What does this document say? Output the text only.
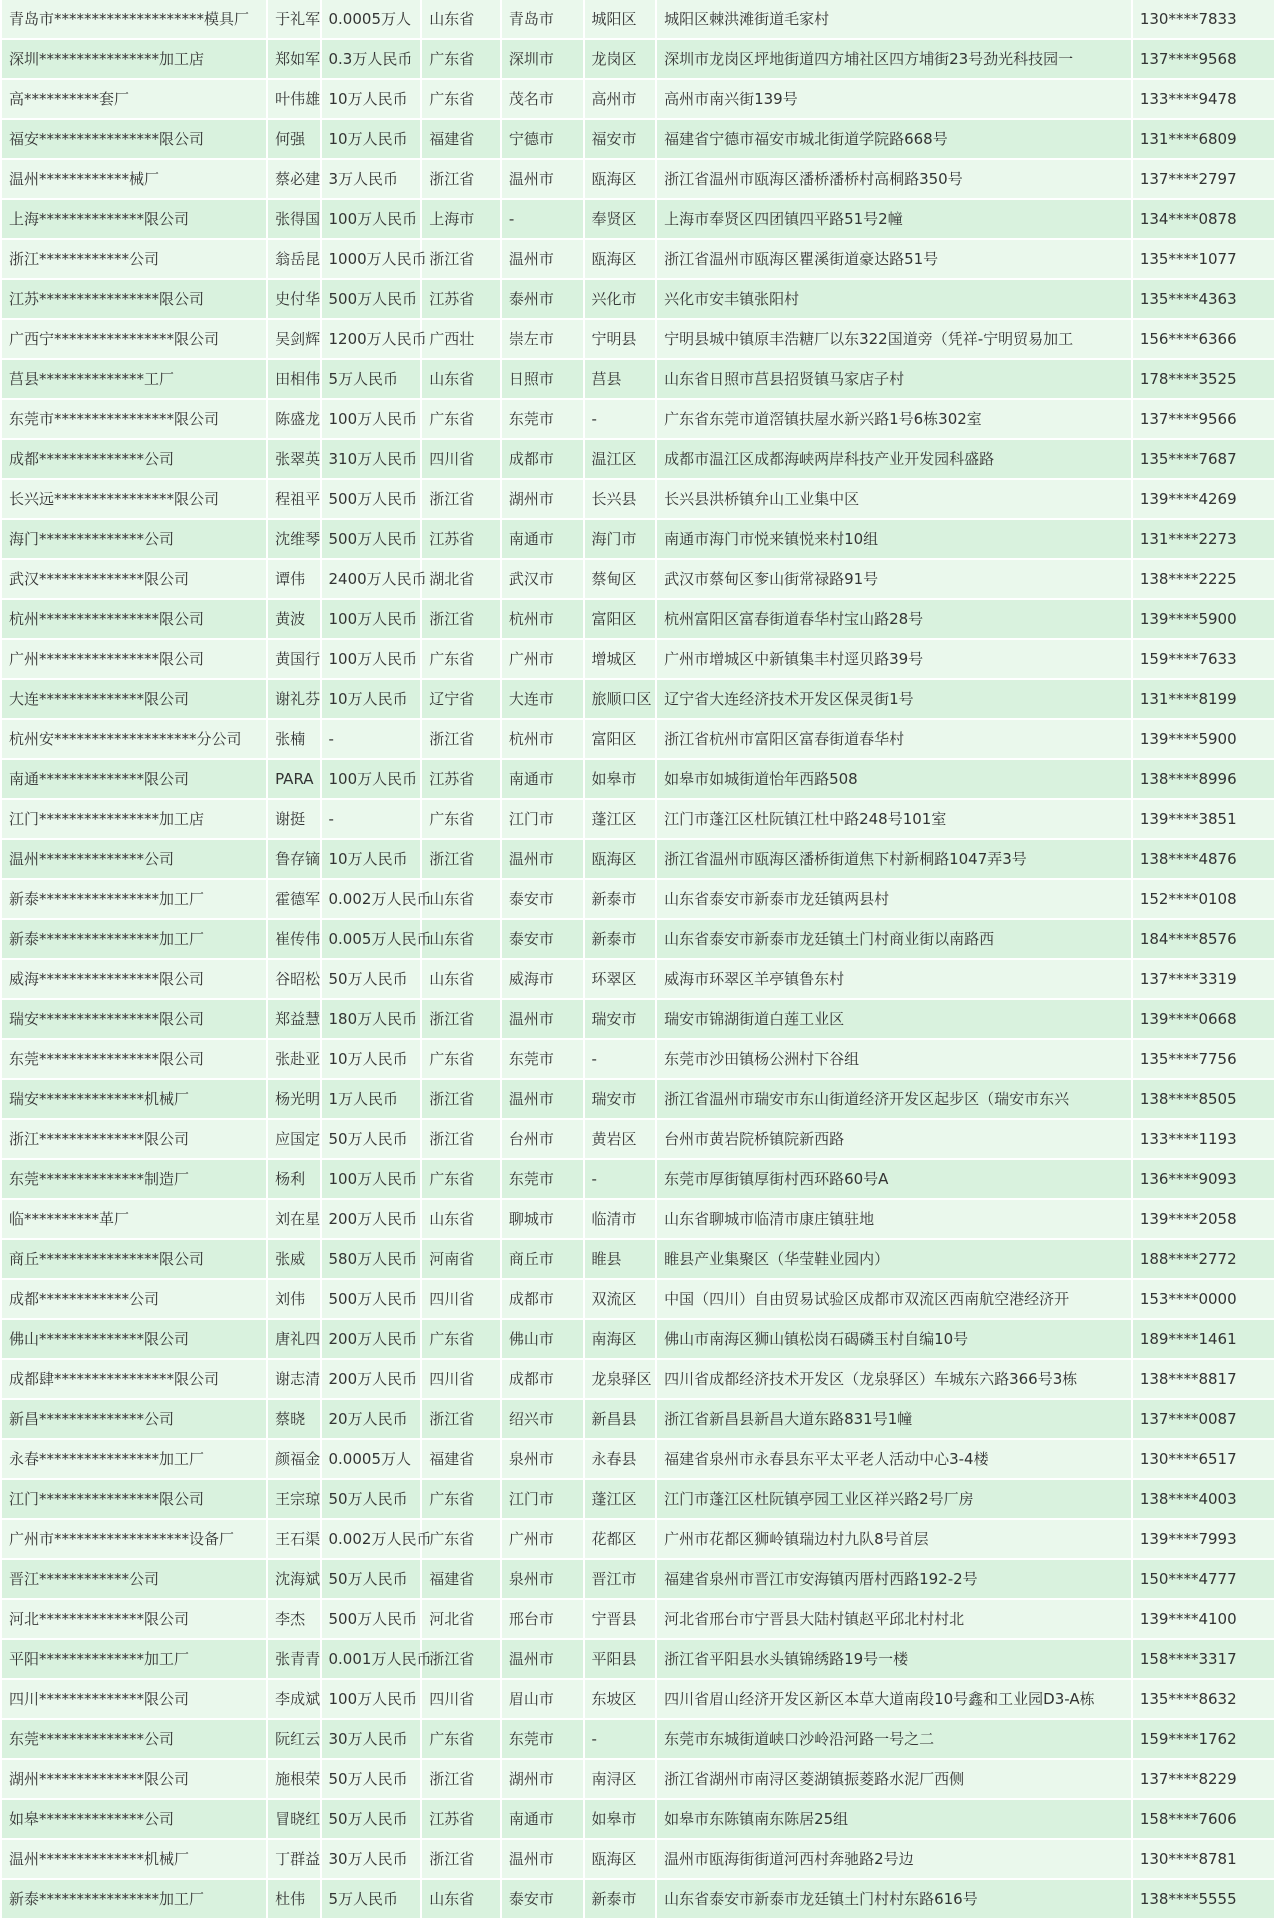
青岛市********************模具厂	于礼军	0.0005万人	山东省	青岛市	城阳区	城阳区棘洪滩街道毛家村	130****7833
深圳****************加工店	郑如军	0.3万人民币	广东省	深圳市	龙岗区	深圳市龙岗区坪地街道四方埔社区四方埔街23号劲光科技园一	137****9568
高**********套厂	叶伟雄	10万人民币	广东省	茂名市	高州市	高州市南兴街139号	133****9478
福安****************限公司	何强	10万人民币	福建省	宁德市	福安市	福建省宁德市福安市城北街道学院路668号	131****6809
温州************械厂	蔡必建	3万人民币	浙江省	温州市	瓯海区	浙江省温州市瓯海区潘桥潘桥村高桐路350号	137****2797
上海**************限公司	张得国	100万人民币	上海市	-	奉贤区	上海市奉贤区四团镇四平路51号2幢	134****0878
浙江************公司	翁岳昆	1000万人民币	浙江省	温州市	瓯海区	浙江省温州市瓯海区瞿溪街道豪达路51号	135****1077
江苏****************限公司	史付华	500万人民币	江苏省	泰州市	兴化市	兴化市安丰镇张阳村	135****4363
广西宁****************限公司	吴剑辉	1200万人民币	广西壮	崇左市	宁明县	宁明县城中镇原丰浩糖厂以东322国道旁（凭祥-宁明贸易加工	156****6366
莒县**************工厂	田相伟	5万人民币	山东省	日照市	莒县	山东省日照市莒县招贤镇马家店子村	178****3525
东莞市****************限公司	陈盛龙	100万人民币	广东省	东莞市	-	广东省东莞市道滘镇扶屋水新兴路1号6栋302室	137****9566
成都**************公司	张翠英	310万人民币	四川省	成都市	温江区	成都市温江区成都海峡两岸科技产业开发园科盛路	135****7687
长兴远****************限公司	程祖平	500万人民币	浙江省	湖州市	长兴县	长兴县洪桥镇弁山工业集中区	139****4269
海门**************公司	沈维琴	500万人民币	江苏省	南通市	海门市	南通市海门市悦来镇悦来村10组	131****2273
武汉**************限公司	谭伟	2400万人民币	湖北省	武汉市	蔡甸区	武汉市蔡甸区奓山街常禄路91号	138****2225
杭州****************限公司	黄波	100万人民币	浙江省	杭州市	富阳区	杭州富阳区富春街道春华村宝山路28号	139****5900
广州****************限公司	黄国行	100万人民币	广东省	广州市	增城区	广州市增城区中新镇集丰村逕贝路39号	159****7633
大连**************限公司	谢礼芬	10万人民币	辽宁省	大连市	旅顺口区	辽宁省大连经济技术开发区保灵街1号	131****8199
杭州安*******************分公司	张楠	-	浙江省	杭州市	富阳区	浙江省杭州市富阳区富春街道春华村	139****5900
南通**************限公司	PARA	100万人民币	江苏省	南通市	如皋市	如皋市如城街道怡年西路508	138****8996
江门****************加工店	谢挺	-	广东省	江门市	蓬江区	江门市蓬江区杜阮镇江杜中路248号101室	139****3851
温州**************公司	鲁存镝	10万人民币	浙江省	温州市	瓯海区	浙江省温州市瓯海区潘桥街道焦下村新桐路1047弄3号	138****4876
新泰****************加工厂	霍德军	0.002万人民币	山东省	泰安市	新泰市	山东省泰安市新泰市龙廷镇两县村	152****0108
新泰****************加工厂	崔传伟	0.005万人民币	山东省	泰安市	新泰市	山东省泰安市新泰市龙廷镇土门村商业街以南路西	184****8576
威海****************限公司	谷昭松	50万人民币	山东省	威海市	环翠区	威海市环翠区羊亭镇鲁东村	137****3319
瑞安****************限公司	郑益慧	180万人民币	浙江省	温州市	瑞安市	瑞安市锦湖街道白莲工业区	139****0668
东莞****************限公司	张赴亚	10万人民币	广东省	东莞市	-	东莞市沙田镇杨公洲村下谷组	135****7756
瑞安**************机械厂	杨光明	1万人民币	浙江省	温州市	瑞安市	浙江省温州市瑞安市东山街道经济开发区起步区（瑞安市东兴	138****8505
浙江**************限公司	应国定	50万人民币	浙江省	台州市	黄岩区	台州市黄岩院桥镇院新西路	133****1193
东莞**************制造厂	杨利	100万人民币	广东省	东莞市	-	东莞市厚街镇厚街村西环路60号A	136****9093
临**********革厂	刘在星	200万人民币	山东省	聊城市	临清市	山东省聊城市临清市康庄镇驻地	139****2058
商丘****************限公司	张威	580万人民币	河南省	商丘市	睢县	睢县产业集聚区（华莹鞋业园内）	188****2772
成都************公司	刘伟	500万人民币	四川省	成都市	双流区	中国（四川）自由贸易试验区成都市双流区西南航空港经济开	153****0000
佛山**************限公司	唐礼四	200万人民币	广东省	佛山市	南海区	佛山市南海区狮山镇松岗石碣磷玉村自编10号	189****1461
成都肆****************限公司	谢志清	200万人民币	四川省	成都市	龙泉驿区	四川省成都经济技术开发区（龙泉驿区）车城东六路366号3栋	138****8817
新昌**************公司	蔡晓	20万人民币	浙江省	绍兴市	新昌县	浙江省新昌县新昌大道东路831号1幢	137****0087
永春****************加工厂	颜福金	0.0005万人	福建省	泉州市	永春县	福建省泉州市永春县东平太平老人活动中心3-4楼	130****6517
江门****************限公司	王宗琼	50万人民币	广东省	江门市	蓬江区	江门市蓬江区杜阮镇亭园工业区祥兴路2号厂房	138****4003
广州市******************设备厂	王石渠	0.002万人民币	广东省	广州市	花都区	广州市花都区狮岭镇瑞边村九队8号首层	139****7993
晋江************公司	沈海斌	50万人民币	福建省	泉州市	晋江市	福建省泉州市晋江市安海镇丙厝村西路192-2号	150****4777
河北**************限公司	李杰	500万人民币	河北省	邢台市	宁晋县	河北省邢台市宁晋县大陆村镇赵平邱北村村北	139****4100
平阳**************加工厂	张青青	0.001万人民币	浙江省	温州市	平阳县	浙江省平阳县水头镇锦绣路19号一楼	158****3317
四川**************限公司	李成斌	100万人民币	四川省	眉山市	东坡区	四川省眉山经济开发区新区本草大道南段10号鑫和工业园D3-A栋	135****8632
东莞**************公司	阮红云	30万人民币	广东省	东莞市	-	东莞市东城街道峡口沙岭沿河路一号之二	159****1762
湖州**************限公司	施根荣	50万人民币	浙江省	湖州市	南浔区	浙江省湖州市南浔区菱湖镇振菱路水泥厂西侧	137****8229
如皋**************公司	冒晓红	50万人民币	江苏省	南通市	如皋市	如皋市东陈镇南东陈居25组	158****7606
温州**************机械厂	丁群益	30万人民币	浙江省	温州市	瓯海区	温州市瓯海街街道河西村奔驰路2号边	130****8781
新泰****************加工厂	杜伟	5万人民币	山东省	泰安市	新泰市	山东省泰安市新泰市龙廷镇土门村村东路616号	138****5555
